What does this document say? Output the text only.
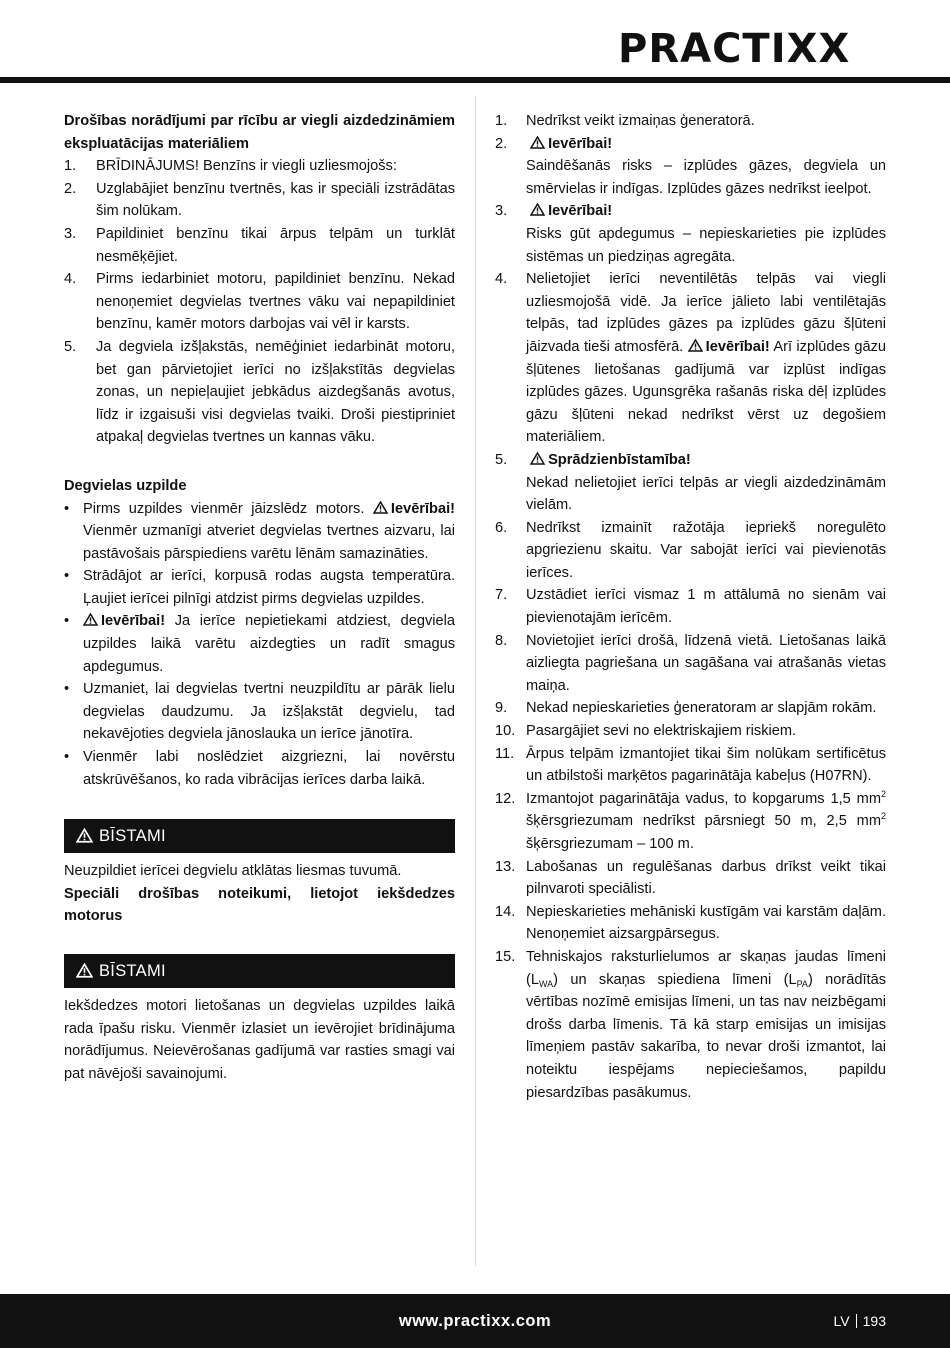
PRACTIXX

Drošības norādījumi par rīcību ar viegli aizdedzināmiem ekspluatācijas materiāliem

1. BRĪDINĀJUMS! Benzīns ir viegli uzliesmojošs:
2. Uzglabājiet benzīnu tvertnēs, kas ir speciāli izstrādātas šim nolūkam.
3. Papildiniet benzīnu tikai ārpus telpām un turklāt nesmēķējiet.
4. Pirms iedarbiniet motoru, papildiniet benzīnu. Nekad nenoņemiet degvielas tvertnes vāku vai nepapildiniet benzīnu, kamēr motors darbojas vai vēl ir karsts.
5. Ja degviela izšļakstās, nemēģiniet iedarbināt motoru, bet gan pārvietojiet ierīci no izšļakstītās degvielas zonas, un nepieļaujiet jebkādus aizdegšanās avotus, līdz ir izgaisuši visi degvielas tvaiki. Droši piestipriniet atpakaļ degvielas tvertnes un kannas vāku.

Degvielas uzpilde

• Pirms uzpildes vienmēr jāizslēdz motors. Ievērībai! Vienmēr uzmanīgi atveriet degvielas tvertnes aizvaru, lai pastāvošais pārspiediens varētu lēnām samazināties.
• Strādājot ar ierīci, korpusā rodas augsta temperatūra. Ļaujiet ierīcei pilnīgi atdzist pirms degvielas uzpildes.
• Ievērībai! Ja ierīce nepietiekami atdziest, degviela uzpildes laikā varētu aizdegties un radīt smagus apdegumus.
• Uzmaniet, lai degvielas tvertni neuzpildītu ar pārāk lielu degvielas daudzumu. Ja izšļakstāt degvielu, tad nekavējoties degviela jānoslauka un ierīce jānotīra.
• Vienmēr labi noslēdziet aizgriezni, lai novērstu atskrūvēšanos, ko rada vibrācijas ierīces darba laikā.
BĪSTAMI

Neuzpildiet ierīcei degvielu atklātas liesmas tuvumā.

Speciāli drošības noteikumi, lietojot iekšdedzes motorus

BĪSTAMI

Iekšdedzes motori lietošanas un degvielas uzpildes laikā rada īpašu risku. Vienmēr izlasiet un ievērojiet brīdinājuma norādījumus. Neievērošanas gadījumā var rasties smagi vai pat nāvējoši savainojumi.

1. Nedrīkst veikt izmaiņas ģeneratorā.
2.	Ievērībai!
Saindēšanās risks – izplūdes gāzes, degviela un smērvielas ir indīgas. Izplūdes gāzes nedrīkst ieelpot.
3.	Ievērībai!
Risks gūt apdegumus – nepieskarieties pie izplūdes sistēmas un piedziņas agregāta.
4. Nelietojiet ierīci neventilētās telpās vai viegli uzliesmojošā vidē. Ja ierīce jālieto labi ventilētajās telpās, tad izplūdes gāzes pa izplūdes gāzu šļūteni jāizvada tieši atmosfērā. Ievērībai! Arī izplūdes gāzu šļūtenes lietošanas gadījumā var izplūst indīgas izplūdes gāzes. Ugunsgrēka rašanās riska dēļ izplūdes gāzu šļūteni nekad nedrīkst vērst uz degošiem materiāliem.
5.	Sprādzienbīstamība!
Nekad nelietojiet ierīci telpās ar viegli aizdedzināmām vielām.
6. Nedrīkst izmainīt ražotāja iepriekš noregulēto apgriezienu skaitu. Var sabojāt ierīci vai pievienotās ierīces.
7. Uzstādiet ierīci vismaz 1 m attālumā no sienām vai pievienotajām ierīcēm.
8. Novietojiet ierīci drošā, līdzenā vietā. Lietošanas laikā aizliegta pagriešana un sagāšana vai atrašanās vietas maiņa.
9. Nekad nepieskarieties ģeneratoram ar slapjām rokām.
10. Pasargājiet sevi no elektriskajiem riskiem.
11. Ārpus telpām izmantojiet tikai šim nolūkam sertificētus un atbilstoši marķētos pagarinātāja kabeļus (H07RN).
12. Izmantojot pagarinātāja vadus, to kopgarums 1,5 $mm^2$ šķērsgriezumam nedrīkst pārsniegt 50 m, 2,5 $mm^2$ šķērsgriezumam – 100 m.
13. Labošanas un regulēšanas darbus drīkst veikt tikai pilnvaroti speciālisti.
14. Nepieskarieties mehāniski kustīgām vai karstām daļām. Nenoņemiet aizsargpārsegus.
15. Tehniskajos raksturlielumos ar skaņas jaudas līmeni $(L_{WA})$ un skaņas spiediena līmeni $(L_{PA})$ norādītās vērtības nozīmē emisijas līmeni, un tas nav neizbēgami drošs darba līmenis. Tā kā starp emisijas un imisijas līmeņiem pastāv sakarība, to nevar droši izmantot, lai noteiktu iespējams nepieciešamos, papildu piesardzības pasākumus.
www.practixx.com	LV 193
